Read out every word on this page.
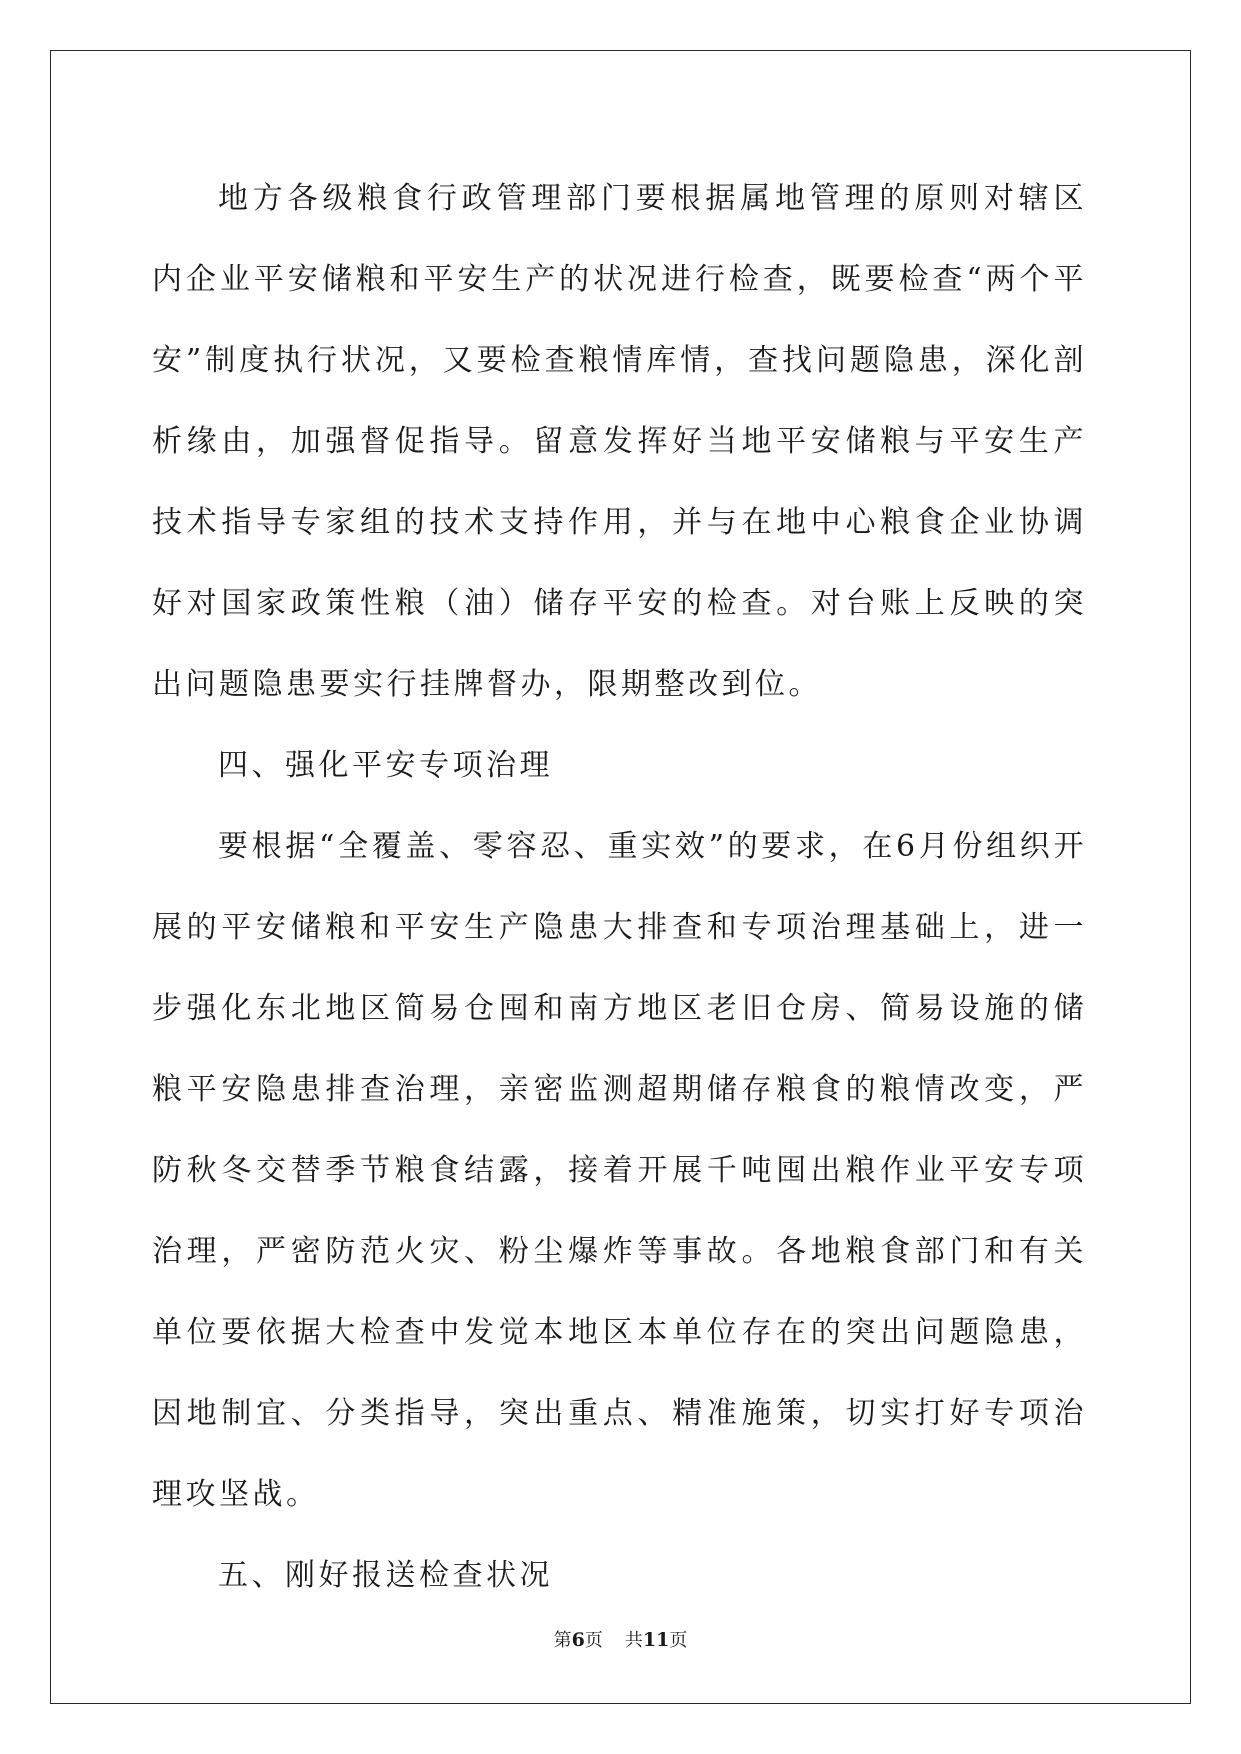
地方各级粮食行政管理部门要根据属地管理的原则对辖区内企业平安储粮和平安生产的状况进行检查，既要检查“两个平安”制度执行状况，又要检查粮情库情，查找问题隐患，深化剖析缘由，加强督促指导。留意发挥好当地平安储粮与平安生产技术指导专家组的技术支持作用，并与在地中心粮食企业协调好对国家政策性粮（油）储存平安的检查。对台账上反映的突出问题隐患要实行挂牌督办，限期整改到位。

四、强化平安专项治理

要根据“全覆盖、零容忍、重实效”的要求，在6月份组织开展的平安储粮和平安生产隐患大排查和专项治理基础上，进一步强化东北地区简易仓囤和南方地区老旧仓房、简易设施的储粮平安隐患排查治理，亲密监测超期储存粮食的粮情改变，严防秋冬交替季节粮食结露，接着开展千吨囤出粮作业平安专项治理，严密防范火灾、粉尘爆炸等事故。各地粮食部门和有关单位要依据大检查中发觉本地区本单位存在的突出问题隐患，因地制宜、分类指导，突出重点、精准施策，切实打好专项治理攻坚战。

五、刚好报送检查状况

第6页 共11页
